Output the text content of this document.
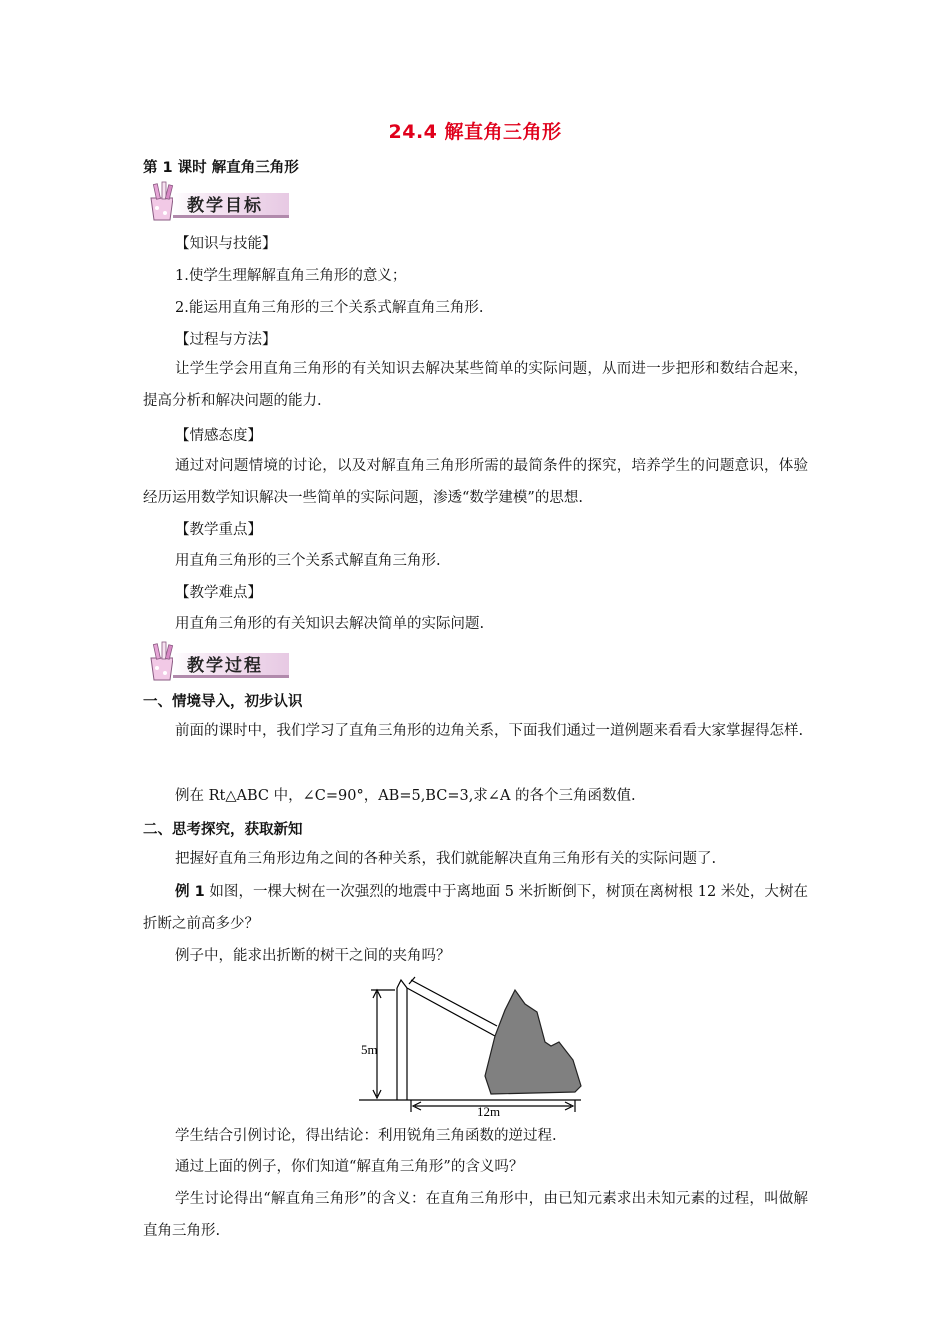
24.4 解直角三角形
第 1 课时 解直角三角形
教学目标
【知识与技能】
1.使学生理解解直角三角形的意义；
2.能运用直角三角形的三个关系式解直角三角形.
【过程与方法】
让学生学会用直角三角形的有关知识去解决某些简单的实际问题，从而进一步把形和数结合起来，提高分析和解决问题的能力.
【情感态度】
通过对问题情境的讨论，以及对解直角三角形所需的最简条件的探究，培养学生的问题意识，体验经历运用数学知识解决一些简单的实际问题，渗透“数学建模”的思想.
【教学重点】
用直角三角形的三个关系式解直角三角形.
【教学难点】
用直角三角形的有关知识去解决简单的实际问题.
教学过程
一、情境导入，初步认识
前面的课时中，我们学习了直角三角形的边角关系，下面我们通过一道例题来看看大家掌握得怎样.
例在 Rt△ABC 中，∠C=90°，AB=5,BC=3,求∠A 的各个三角函数值.
二、思考探究，获取新知
把握好直角三角形边角之间的各种关系，我们就能解决直角三角形有关的实际问题了.
例 1 如图，一棵大树在一次强烈的地震中于离地面 5 米折断倒下，树顶在离树根 12 米处，大树在折断之前高多少？
例子中，能求出折断的树干之间的夹角吗？
5m
12m
学生结合引例讨论，得出结论：利用锐角三角函数的逆过程.
通过上面的例子，你们知道“解直角三角形”的含义吗？
学生讨论得出“解直角三角形”的含义：在直角三角形中，由已知元素求出未知元素的过程，叫做解直角三角形.
